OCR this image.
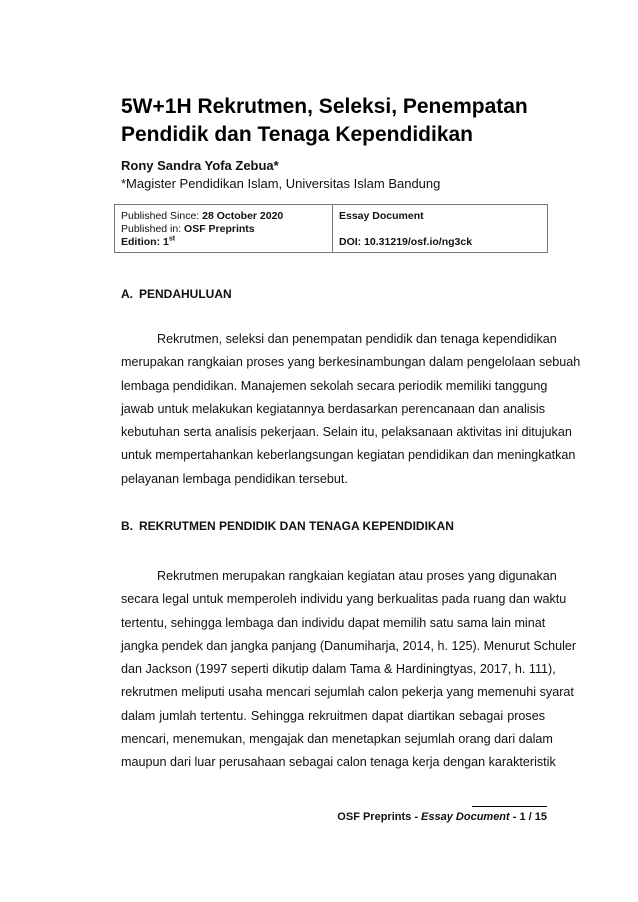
5W+1H Rekrutmen, Seleksi, Penempatan
Pendidik dan Tenaga Kependidikan
Rony Sandra Yofa Zebua*
*Magister Pendidikan Islam, Universitas Islam Bandung
Published Since: 28 October 2020
Published in: OSF Preprints
Edition: 1st
Essay Document
DOI: 10.31219/osf.io/ng3ck
A. PENDAHULUAN
Rekrutmen, seleksi dan penempatan pendidik dan tenaga kependidikan
merupakan rangkaian proses yang berkesinambungan dalam pengelolaan sebuah
lembaga pendidikan. Manajemen sekolah secara periodik memiliki tanggung
jawab untuk melakukan kegiatannya berdasarkan perencanaan dan analisis
kebutuhan serta analisis pekerjaan. Selain itu, pelaksanaan aktivitas ini ditujukan
untuk mempertahankan keberlangsungan kegiatan pendidikan dan meningkatkan
pelayanan lembaga pendidikan tersebut.
B. REKRUTMEN PENDIDIK DAN TENAGA KEPENDIDIKAN
Rekrutmen merupakan rangkaian kegiatan atau proses yang digunakan
secara legal untuk memperoleh individu yang berkualitas pada ruang dan waktu
tertentu, sehingga lembaga dan individu dapat memilih satu sama lain minat
jangka pendek dan jangka panjang (Danumiharja, 2014, h. 125). Menurut Schuler
dan Jackson (1997 seperti dikutip dalam Tama & Hardiningtyas, 2017, h. 111),
rekrutmen meliputi usaha mencari sejumlah calon pekerja yang memenuhi syarat
dalam jumlah tertentu. Sehingga rekruitmen dapat diartikan sebagai proses
mencari, menemukan, mengajak dan menetapkan sejumlah orang dari dalam
maupun dari luar perusahaan sebagai calon tenaga kerja dengan karakteristik
OSF Preprints - Essay Document - 1 / 15
